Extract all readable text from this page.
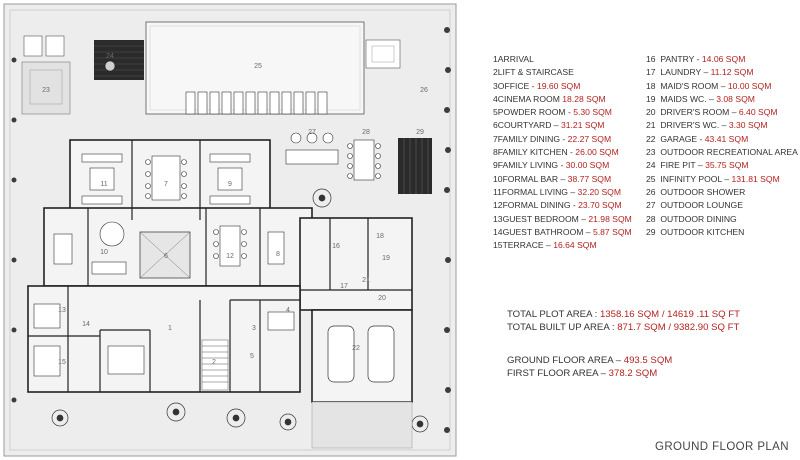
1
2
3
4
5
6
7
8
9
10
11
12
13
14
15
16
17
18
19
20
21
22
23
24
25
26
27	28	29
1ARRIVAL
2LIFT & STAIRCASE
3OFFICE - 19.60 SQM
4CINEMA ROOM 18.28 SQM
5POWDER ROOM - 5.30 SQM
6COURTYARD – 31.21 SQM
7FAMILY DINING - 22.27 SQM
8FAMILY KITCHEN - 26.00 SQM
9FAMILY LIVING - 30.00 SQM
10FORMAL BAR – 38.77 SQM
11FORMAL LIVING – 32.20 SQM
12FORMAL DINING - 23.70 SQM
13GUEST BEDROOM – 21.98 SQM
14GUEST BATHROOM – 5.87 SQM
15TERRACE – 16.64 SQM
16 PANTRY - 14.06 SQM
17 LAUNDRY – 11.12 SQM
18 MAID'S ROOM – 10.00 SQM
19 MAIDS WC. – 3.08 SQM
20 DRIVER'S ROOM – 6.40 SQM
21 DRIVER'S WC. – 3.30 SQM
22 GARAGE - 43.41 SQM
23 OUTDOOR RECREATIONAL AREA
24 FIRE PIT – 35.75 SQM
25 INFINITY POOL – 131.81 SQM
26 OUTDOOR SHOWER
27 OUTDOOR LOUNGE
28 OUTDOOR DINING
29 OUTDOOR KITCHEN
TOTAL PLOT AREA : 1358.16 SQM / 14619 .11 SQ FT
TOTAL BUILT UP AREA : 871.7 SQM / 9382.90 SQ FT
GROUND FLOOR AREA – 493.5 SQM
FIRST FLOOR AREA – 378.2 SQM
GROUND FLOOR PLAN
